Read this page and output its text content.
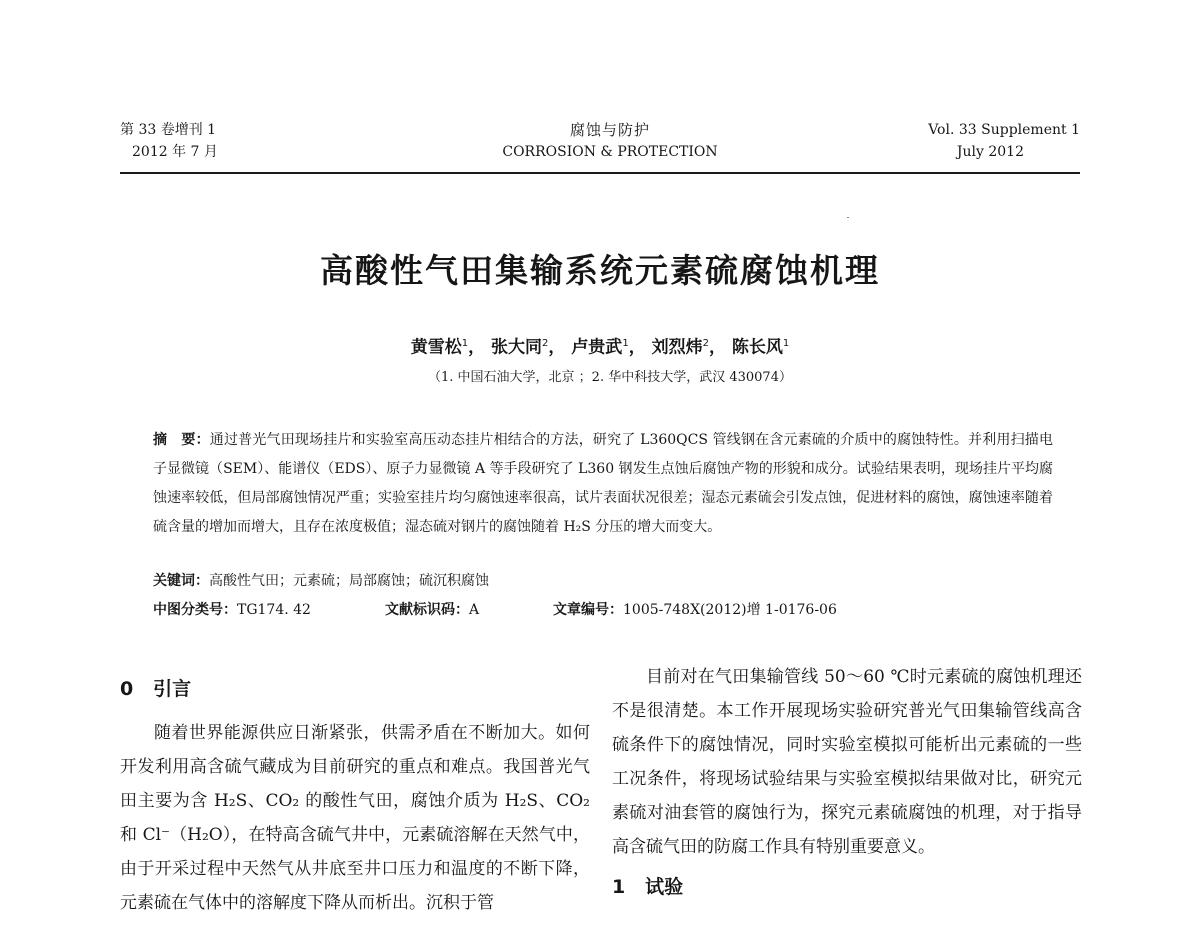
第 33 卷增刊 1
2012 年 7 月
腐蚀与防护
CORROSION & PROTECTION
Vol. 33 Supplement 1
July 2012
高酸性气田集输系统元素硫腐蚀机理
黄雪松$^1$， 张大同$^2$， 卢贵武$^1$， 刘烈炜$^2$， 陈长风$^1$
（1. 中国石油大学，北京 ；2. 华中科技大学，武汉 430074）
摘　要：通过普光气田现场挂片和实验室高压动态挂片相结合的方法，研究了 L360QCS 管线钢在含元素硫的介质中的腐蚀特性。并利用扫描电子显微镜（SEM）、能谱仪（EDS）、原子力显微镜 A 等手段研究了 L360 钢发生点蚀后腐蚀产物的形貌和成分。试验结果表明，现场挂片平均腐蚀速率较低，但局部腐蚀情况严重；实验室挂片均匀腐蚀速率很高，试片表面状况很差；湿态元素硫会引发点蚀，促进材料的腐蚀，腐蚀速率随着硫含量的增加而增大，且存在浓度极值；湿态硫对钢片的腐蚀随着 H₂S 分压的增大而变大。
关键词：高酸性气田；元素硫；局部腐蚀；硫沉积腐蚀
中图分类号：TG174. 42	文献标识码：A	文章编号：1005-748X(2012)增 1-0176-06
0 引言

随着世界能源供应日渐紧张，供需矛盾在不断加大。如何开发利用高含硫气藏成为目前研究的重点和难点。我国普光气田主要为含 H₂S、CO₂ 的酸性气田，腐蚀介质为 H₂S、CO₂ 和 Cl⁻（H₂O），在特高含硫气井中，元素硫溶解在天然气中，由于开采过程中天然气从井底至井口压力和温度的不断下降，元素硫在气体中的溶解度下降从而析出。沉积于管

目前对在气田集输管线 50～60 ℃时元素硫的腐蚀机理还不是很清楚。本工作开展现场实验研究普光气田集输管线高含硫条件下的腐蚀情况，同时实验室模拟可能析出元素硫的一些工况条件，将现场试验结果与实验室模拟结果做对比，研究元素硫对油套管的腐蚀行为，探究元素硫腐蚀的机理，对于指导高含硫气田的防腐工作具有特别重要意义。

1 试验
